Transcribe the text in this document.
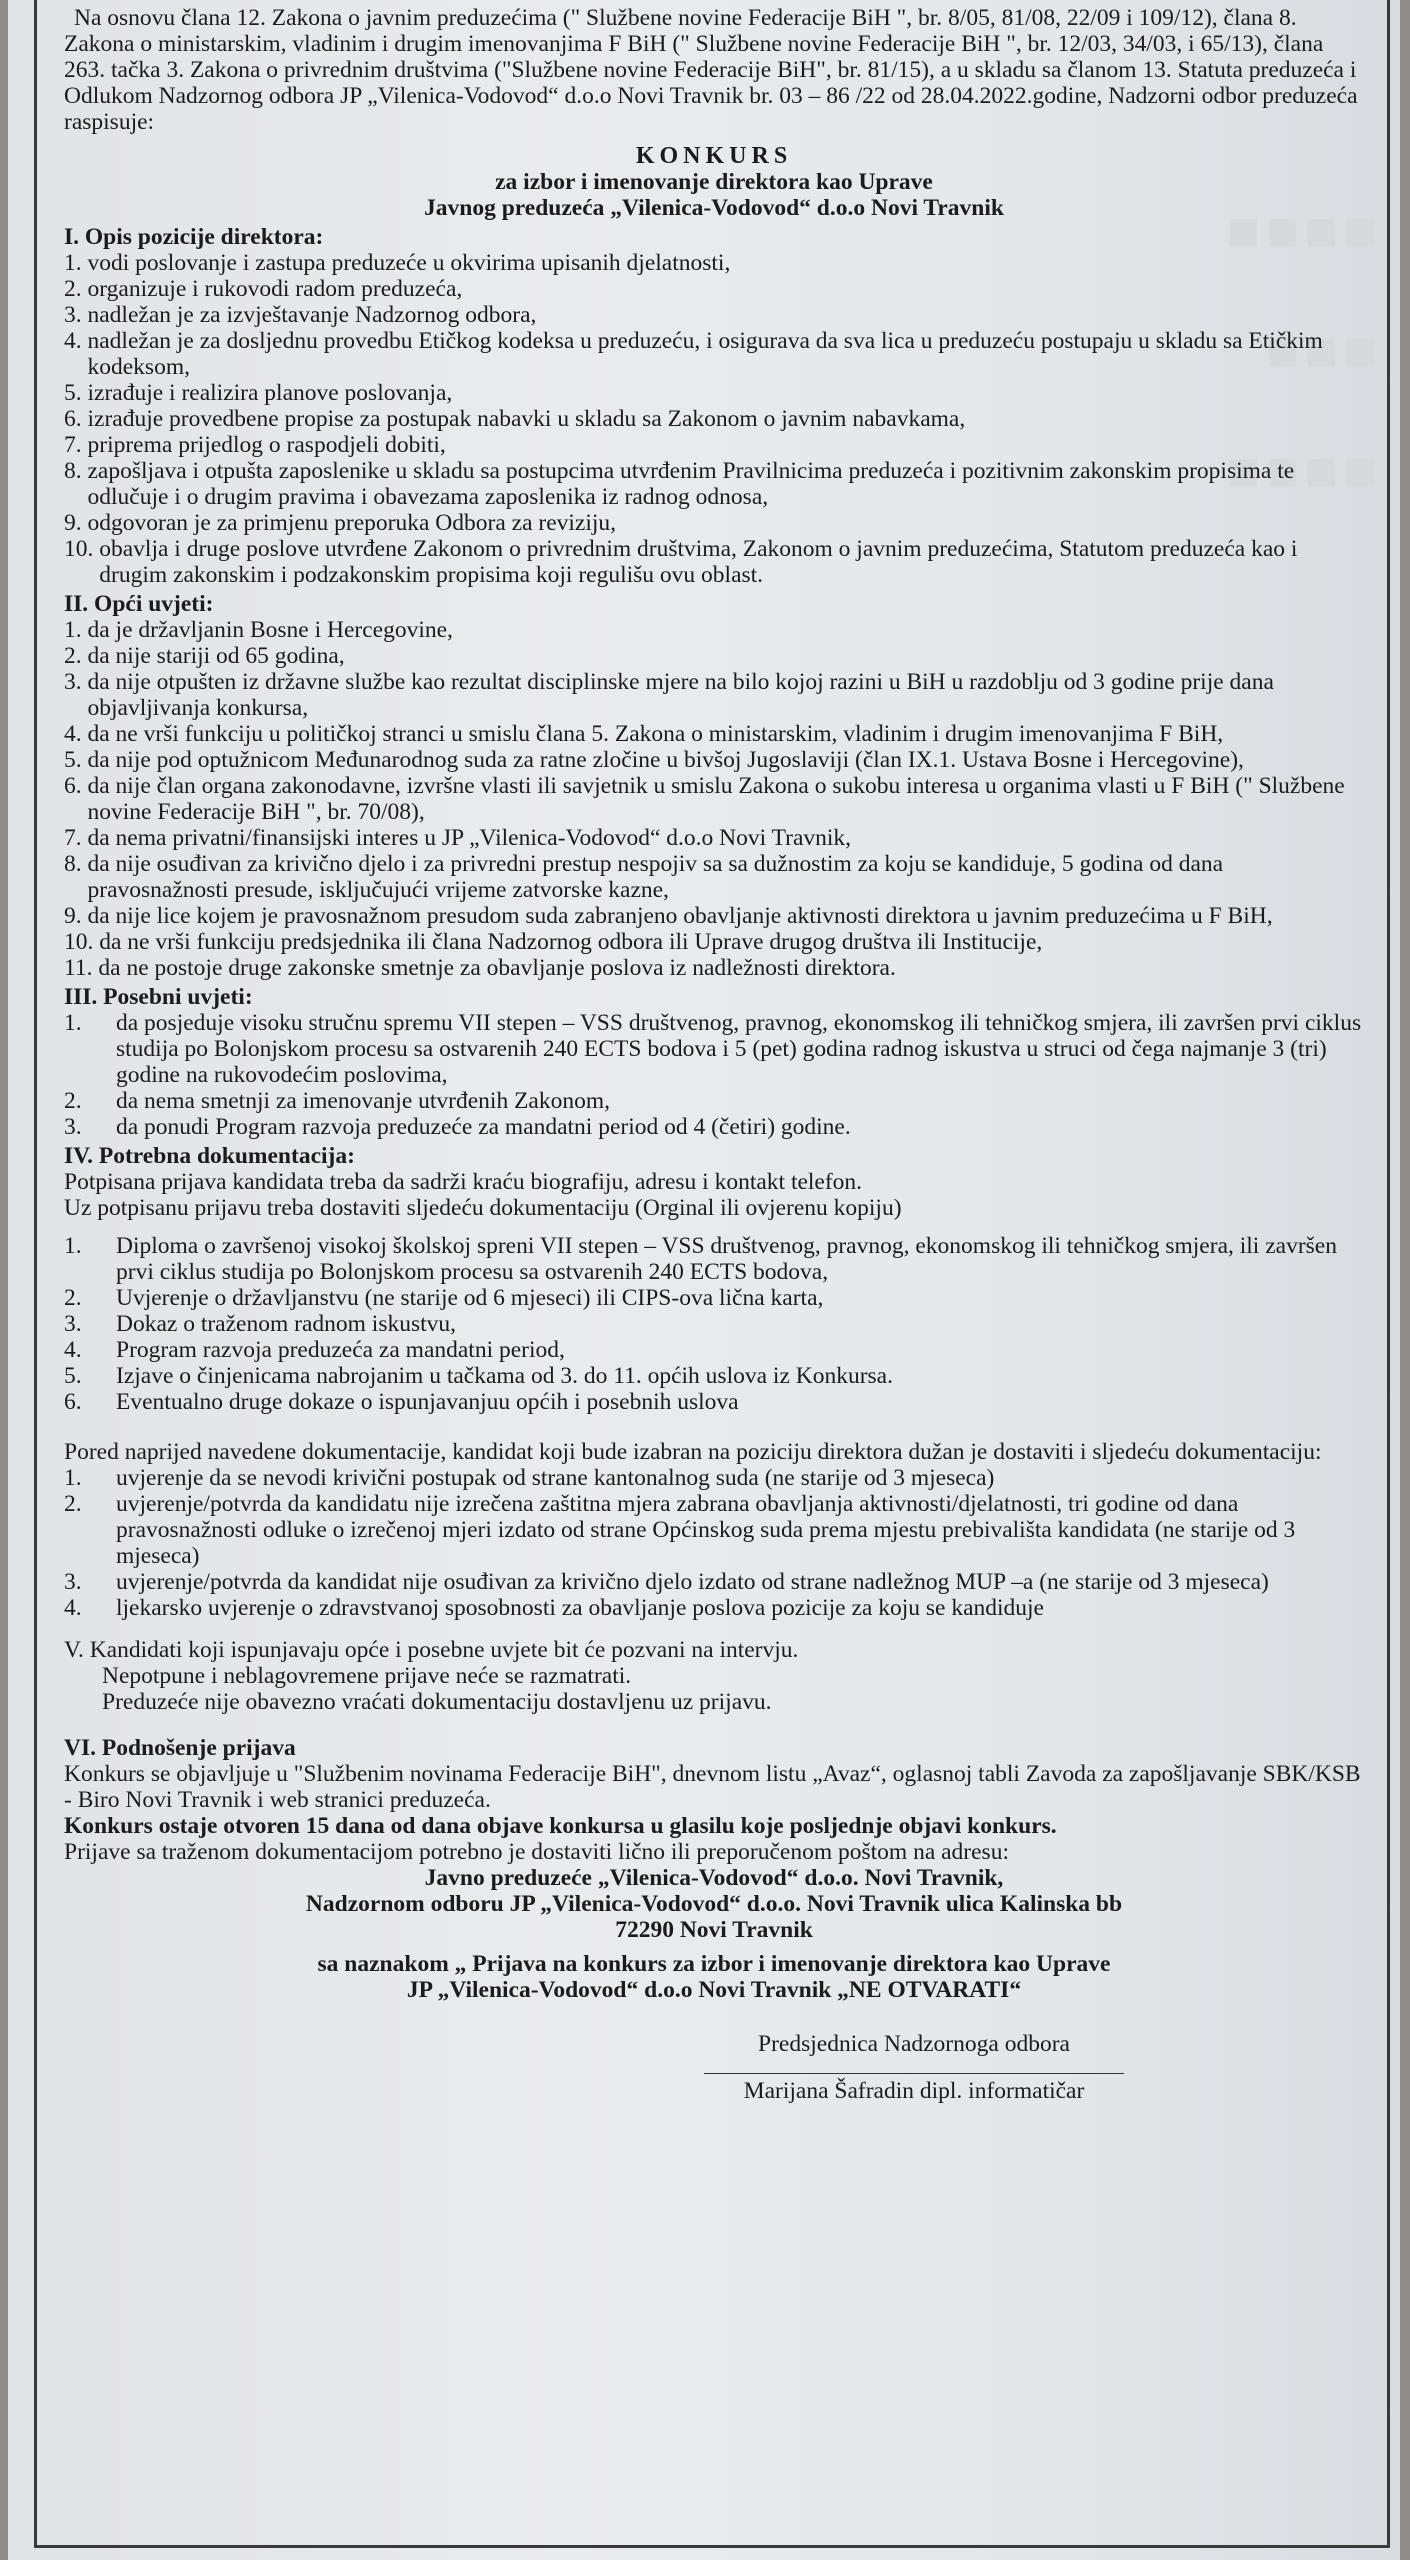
▪▪▪▪
▪▪▪
▪▪▪▪
Na osnovu člana 12. Zakona o javnim preduzećima (" Službene novine Federacije BiH ", br. 8/05, 81/08, 22/09 i 109/12), člana 8. Zakona o ministarskim, vladinim i drugim imenovanjima F BiH (" Službene novine Federacije BiH ", br. 12/03, 34/03, i 65/13), člana 263. tačka 3. Zakona o privrednim društvima ("Službene novine Federacije BiH", br. 81/15), a u skladu sa članom 13. Statuta preduzeća i Odlukom Nadzornog odbora JP „Vilenica-Vodovod“ d.o.o Novi Travnik br. 03 – 86 /22 od 28.04.2022.godine, Nadzorni odbor preduzeća raspisuje:
KONKURS
za izbor i imenovanje direktora kao Uprave
Javnog preduzeća „Vilenica-Vodovod“ d.o.o Novi Travnik
I. Opis pozicije direktora:
1. vodi poslovanje i zastupa preduzeće u okvirima upisanih djelatnosti,
2. organizuje i rukovodi radom preduzeća,
3. nadležan je za izvještavanje Nadzornog odbora,
4. nadležan je za dosljednu provedbu Etičkog kodeksa u preduzeću, i osigurava da sva lica u preduzeću postupaju u skladu sa Etičkim kodeksom,
5. izrađuje i realizira planove poslovanja,
6. izrađuje provedbene propise za postupak nabavki u skladu sa Zakonom o javnim nabavkama,
7. priprema prijedlog o raspodjeli dobiti,
8. zapošljava i otpušta zaposlenike u skladu sa postupcima utvrđenim Pravilnicima preduzeća i pozitivnim zakonskim propisima te odlučuje i o drugim pravima i obavezama zaposlenika iz radnog odnosa,
9. odgovoran je za primjenu preporuka Odbora za reviziju,
10. obavlja i druge poslove utvrđene Zakonom o privrednim društvima, Zakonom o javnim preduzećima, Statutom preduzeća kao i drugim zakonskim i podzakonskim propisima koji regulišu ovu oblast.
II. Opći uvjeti:
1. da je državljanin Bosne i Hercegovine,
2. da nije stariji od 65 godina,
3. da nije otpušten iz državne službe kao rezultat disciplinske mjere na bilo kojoj razini u BiH u razdoblju od 3 godine prije dana objavljivanja konkursa,
4. da ne vrši funkciju u političkoj stranci u smislu člana 5. Zakona o ministarskim, vladinim i drugim imenovanjima F BiH,
5. da nije pod optužnicom Međunarodnog suda za ratne zločine u bivšoj Jugoslaviji (član IX.1. Ustava Bosne i Hercegovine),
6. da nije član organa zakonodavne, izvršne vlasti ili savjetnik u smislu Zakona o sukobu interesa u organima vlasti u F BiH (" Službene novine Federacije BiH ", br. 70/08),
7. da nema privatni/finansijski interes u JP „Vilenica-Vodovod“ d.o.o Novi Travnik,
8. da nije osuđivan za krivično djelo i za privredni prestup nespojiv sa sa dužnostim za koju se kandiduje, 5 godina od dana pravosnažnosti presude, isključujući vrijeme zatvorske kazne,
9. da nije lice kojem je pravosnažnom presudom suda zabranjeno obavljanje aktivnosti direktora u javnim preduzećima u F BiH,
10. da ne vrši funkciju predsjednika ili člana Nadzornog odbora ili Uprave drugog društva ili Institucije,
11. da ne postoje druge zakonske smetnje za obavljanje poslova iz nadležnosti direktora.
III. Posebni uvjeti:
1.	da posjeduje visoku stručnu spremu VII stepen – VSS društvenog, pravnog, ekonomskog ili tehničkog smjera, ili završen prvi ciklus studija po Bolonjskom procesu sa ostvarenih 240 ECTS bodova i 5 (pet) godina radnog iskustva u struci od čega najmanje 3 (tri) godine na rukovodećim poslovima,
2.	da nema smetnji za imenovanje utvrđenih Zakonom,
3.	da ponudi Program razvoja preduzeće za mandatni period od 4 (četiri) godine.
IV. Potrebna dokumentacija:
Potpisana prijava kandidata treba da sadrži kraću biografiju, adresu i kontakt telefon.
Uz potpisanu prijavu treba dostaviti sljedeću dokumentaciju (Orginal ili ovjerenu kopiju)
1.	Diploma o završenoj visokoj školskoj spreni VII stepen – VSS društvenog, pravnog, ekonomskog ili tehničkog smjera, ili završen prvi ciklus studija po Bolonjskom procesu sa ostvarenih 240 ECTS bodova,
2.	Uvjerenje o državljanstvu (ne starije od 6 mjeseci) ili CIPS-ova lična karta,
3.	Dokaz o traženom radnom iskustvu,
4.	Program razvoja preduzeća za mandatni period,
5.	Izjave o činjenicama nabrojanim u tačkama od 3. do 11. općih uslova iz Konkursa.
6.	Eventualno druge dokaze o ispunjavanjuu općih i posebnih uslova
Pored naprijed navedene dokumentacije, kandidat koji bude izabran na poziciju direktora dužan je dostaviti i sljedeću dokumentaciju:
1.	uvjerenje da se nevodi krivični postupak od strane kantonalnog suda (ne starije od 3 mjeseca)
2.	uvjerenje/potvrda da kandidatu nije izrečena zaštitna mjera zabrana obavljanja aktivnosti/djelatnosti, tri godine od dana pravosnažnosti odluke o izrečenoj mjeri izdato od strane Općinskog suda prema mjestu prebivališta kandidata (ne starije od 3 mjeseca)
3.	uvjerenje/potvrda da kandidat nije osuđivan za krivično djelo izdato od strane nadležnog MUP –a (ne starije od 3 mjeseca)
4.	ljekarsko uvjerenje o zdravstvanoj sposobnosti za obavljanje poslova pozicije za koju se kandiduje
V. Kandidati koji ispunjavaju opće i posebne uvjete bit će pozvani na intervju.
Nepotpune i neblagovremene prijave neće se razmatrati.
Preduzeće nije obavezno vraćati dokumentaciju dostavljenu uz prijavu.
VI. Podnošenje prijava
Konkurs se objavljuje u "Službenim novinama Federacije BiH", dnevnom listu „Avaz“, oglasnoj tabli Zavoda za zapošljavanje SBK/KSB - Biro Novi Travnik i web stranici preduzeća.
Konkurs ostaje otvoren 15 dana od dana objave konkursa u glasilu koje posljednje objavi konkurs.
Prijave sa traženom dokumentacijom potrebno je dostaviti lično ili preporučenom poštom na adresu:
Javno preduzeće „Vilenica-Vodovod“ d.o.o. Novi Travnik,
Nadzornom odboru JP „Vilenica-Vodovod“ d.o.o. Novi Travnik ulica Kalinska bb
72290 Novi Travnik
sa naznakom „ Prijava na konkurs za izbor i imenovanje direktora kao Uprave
JP „Vilenica-Vodovod“ d.o.o Novi Travnik „NE OTVARATI“
Predsjednica Nadzornoga odbora
Marijana Šafradin dipl. informatičar
